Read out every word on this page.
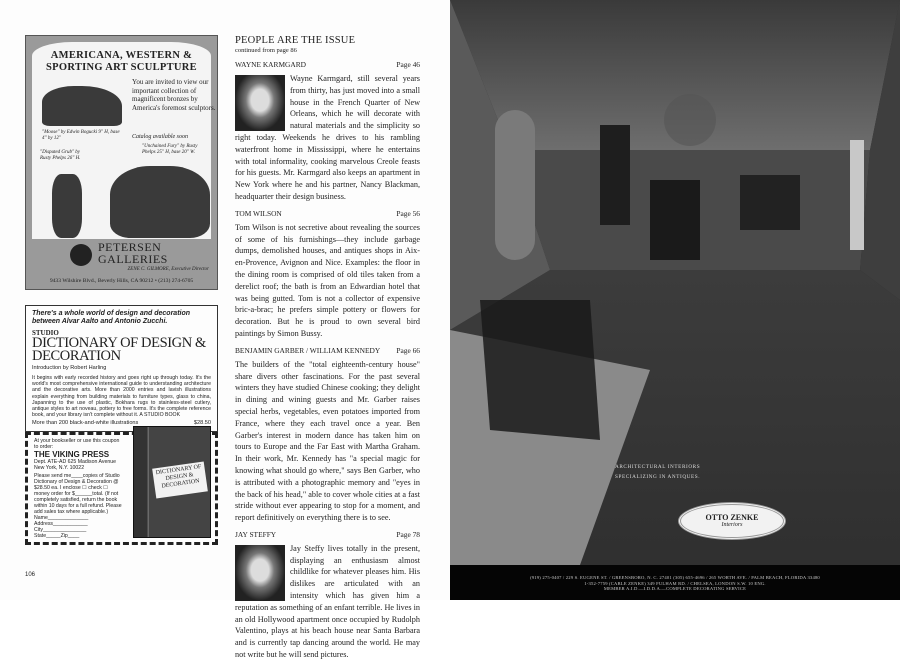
AMERICANA, WESTERN & SPORTING ART SCULPTURE
You are invited to view our important collection of magnificent bronzes by America's foremost sculptors.
Catalog available soon
"Moose" by Edwin Bogucki 9" H, base 4" by 12"
"Unchained Fury" by Rusty Phelps 25" H, base 20" W.
"Disputed Grub" by Rusty Phelps 26" H.
PETERSEN GALLERIES
ZENE C. GILMORE, Executive Director
9433 Wilshire Blvd., Beverly Hills, CA 90212 • (213) 274-6705
There's a whole world of design and decoration between Alvar Aalto and Antonio Zucchi.
STUDIO
DICTIONARY OF DESIGN & DECORATION
Introduction by Robert Harling
It begins with early recorded history and goes right up through today. It's the world's most comprehensive international guide to understanding architecture and the decorative arts. More than 2000 entries and lavish illustrations explain everything from building materials to furniture types, glass to china, Japanning to the use of plastic, Bokhara rugs to stainless-steel cutlery, antique styles to art noveau, pottery to free forms. It's the complete reference book, and your library isn't complete without it. A STUDIO BOOK
More than 200 black-and-white illustrations	$28.50
At your bookseller or use this coupon to order:
THE VIKING PRESS
Dept. ATE-AD 625 Madison Avenue New York, N.Y. 10022
Please send me____copies of Studio Dictionary of Design & Decoration @ $28.50 ea. I enclose ☐ check ☐ money order for $______total. (If not completely satisfied, return the book within 10 days for a full refund. Please add sales tax where applicable.)
Name______________
Address____________
City_______________
State_____Zip____
DICTIONARY OF DESIGN & DECORATION
106
PEOPLE ARE THE ISSUE
continued from page 86
WAYNE KARMGARD	Page 46
Wayne Karmgard, still several years from thirty, has just moved into a small house in the French Quarter of New Orleans, which he will decorate with natural materials and the simplicity so right today. Weekends he drives to his rambling waterfront home in Mississippi, where he entertains with total informality, cooking marvelous Creole feasts for his guests. Mr. Karmgard also keeps an apartment in New York where he and his partner, Nancy Blackman, headquarter their design business.
TOM WILSON	Page 56
Tom Wilson is not secretive about revealing the sources of some of his furnishings—they include garbage dumps, demolished houses, and antiques shops in Aix-en-Provence, Avignon and Nice. Examples: the floor in the dining room is comprised of old tiles taken from a derelict roof; the bath is from an Edwardian hotel that was being gutted. Tom is not a collector of expensive bric-a-brac; he prefers simple pottery or flowers for decoration. But he is proud to own several bird paintings by Simon Bussy.
BENJAMIN GARBER / WILLIAM KENNEDY Page 66
The builders of the "total eighteenth-century house" share divers other fascinations. For the past several winters they have studied Chinese cooking; they delight in dining and wining guests and Mr. Garber raises special herbs, vegetables, even potatoes imported from France, where they each travel once a year. Ben Garber's interest in modern dance has taken him on tours to Europe and the Far East with Martha Graham. In their work, Mr. Kennedy has "a special magic for knowing what should go where," says Ben Garber, who is attributed with a photographic memory and "eyes in the back of his head," able to cover whole cities at a fast stride without ever appearing to stop for a moment, and report definitively on everything there is to see.
JAY STEFFY	Page 78
Jay Steffy lives totally in the present, displaying an enthusiasm almost childlike for whatever pleases him. His dislikes are articulated with an intensity which has given him a reputation as something of an enfant terrible. He lives in an old Hollywood apartment once occupied by Rudolph Valentino, plays at his beach house near Santa Barbara and is currently tap dancing around the world. He may not write but he will send pictures.
ARCHITECTURAL INTERIORS
SPECIALIZING IN ANTIQUES.
OTTO ZENKE
Interiors
(919) 275-0407 / 229 S. EUGENE ST. / GREENSBORO, N. C. 27401 (305) 655-4696 / 265 WORTH AVE. / PALM BEACH, FLORIDA 33480
1-352-7759 (CABLE ZENKE) 349 FULHAM RD. / CHELSEA, LONDON S.W. 10 ENG.
MEMBER A.I.D.—I.D.D.A.—COMPLETE DECORATING SERVICE
